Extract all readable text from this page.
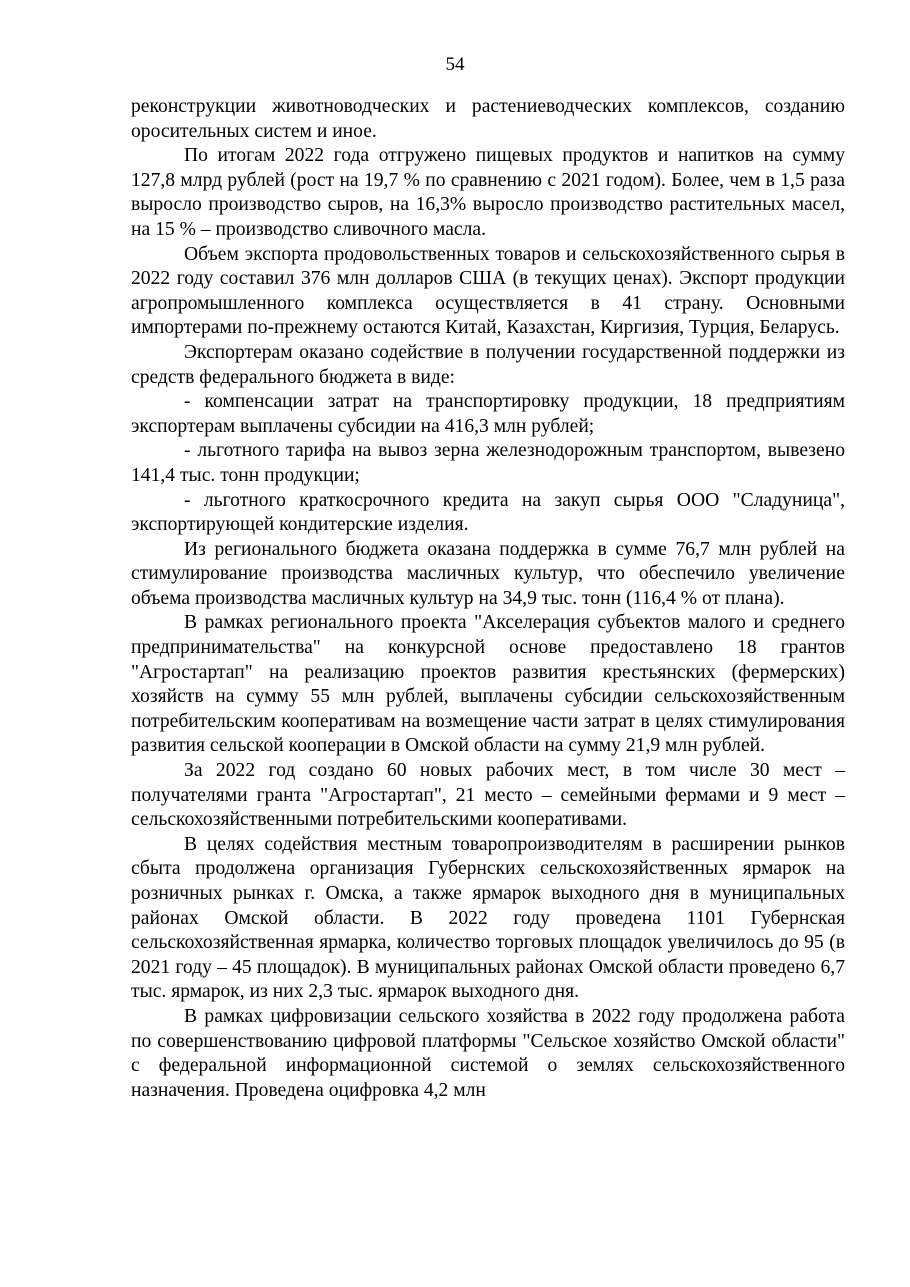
54

реконструкции животноводческих и растениеводческих комплексов, созданию оросительных систем и иное.

По итогам 2022 года отгружено пищевых продуктов и напитков на сумму 127,8 млрд рублей (рост на 19,7 % по сравнению с 2021 годом). Более, чем в 1,5 раза выросло производство сыров, на 16,3% выросло производство растительных масел, на 15 % – производство сливочного масла.

Объем экспорта продовольственных товаров и сельскохозяйственного сырья в 2022 году составил 376 млн долларов США (в текущих ценах). Экспорт продукции агропромышленного комплекса осуществляется в 41 страну. Основными импортерами по-прежнему остаются Китай, Казахстан, Киргизия, Турция, Беларусь.

Экспортерам оказано содействие в получении государственной поддержки из средств федерального бюджета в виде:

- компенсации затрат на транспортировку продукции, 18 предприятиям экспортерам выплачены субсидии на 416,3 млн рублей;

- льготного тарифа на вывоз зерна железнодорожным транспортом, вывезено 141,4 тыс. тонн продукции;

- льготного краткосрочного кредита на закуп сырья ООО "Сладуница", экспортирующей кондитерские изделия.

Из регионального бюджета оказана поддержка в сумме 76,7 млн рублей на стимулирование производства масличных культур, что обеспечило увеличение объема производства масличных культур на 34,9 тыс. тонн (116,4 % от плана).

В рамках регионального проекта "Акселерация субъектов малого и среднего предпринимательства" на конкурсной основе предоставлено 18 грантов "Агростартап" на реализацию проектов развития крестьянских (фермерских) хозяйств на сумму 55 млн рублей, выплачены субсидии сельскохозяйственным потребительским кооперативам на возмещение части затрат в целях стимулирования развития сельской кооперации в Омской области на сумму 21,9 млн рублей.

За 2022 год создано 60 новых рабочих мест, в том числе 30 мест – получателями гранта "Агростартап", 21 место – семейными фермами и 9 мест – сельскохозяйственными потребительскими кооперативами.

В целях содействия местным товаропроизводителям в расширении рынков сбыта продолжена организация Губернских сельскохозяйственных ярмарок на розничных рынках г. Омска, а также ярмарок выходного дня в муниципальных районах Омской области. В 2022 году проведена 1101 Губернская сельскохозяйственная ярмарка, количество торговых площадок увеличилось до 95 (в 2021 году – 45 площадок). В муниципальных районах Омской области проведено 6,7 тыс. ярмарок, из них 2,3 тыс. ярмарок выходного дня.

В рамках цифровизации сельского хозяйства в 2022 году продолжена работа по совершенствованию цифровой платформы "Сельское хозяйство Омской области" с федеральной информационной системой о землях сельскохозяйственного назначения. Проведена оцифровка 4,2 млн
